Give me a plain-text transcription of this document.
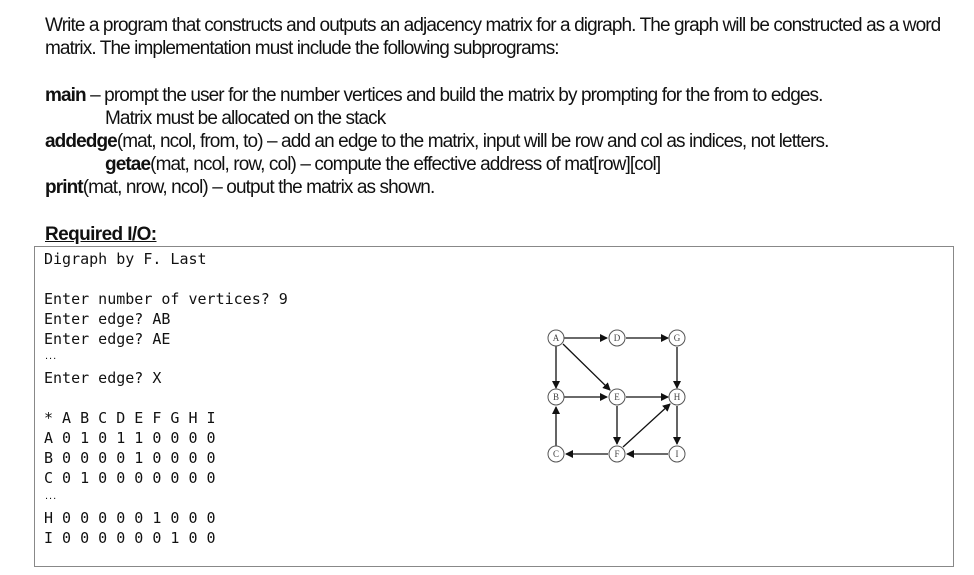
Write a program that constructs and outputs an adjacency matrix for a digraph. The graph will be constructed as a word matrix. The implementation must include the following subprograms:
main – prompt the user for the number vertices and build the matrix by prompting for the from to edges.
Matrix must be allocated on the stack
addedge(mat, ncol, from, to) – add an edge to the matrix, input will be row and col as indices, not letters.
getae(mat, ncol, row, col) – compute the effective address of mat[row][col]
print(mat, nrow, ncol) – output the matrix as shown.
Required I/O:
Digraph by F. Last
Enter number of vertices? 9
Enter edge? AB
Enter edge? AE
...
Enter edge? X
* A B C D E F G H I
A 0 1 0 1 1 0 0 0 0
B 0 0 0 0 1 0 0 0 0
C 0 1 0 0 0 0 0 0 0
...
H 0 0 0 0 0 1 0 0 0
I 0 0 0 0 0 0 1 0 0
A	D	G
B	E	H
C	F	I
